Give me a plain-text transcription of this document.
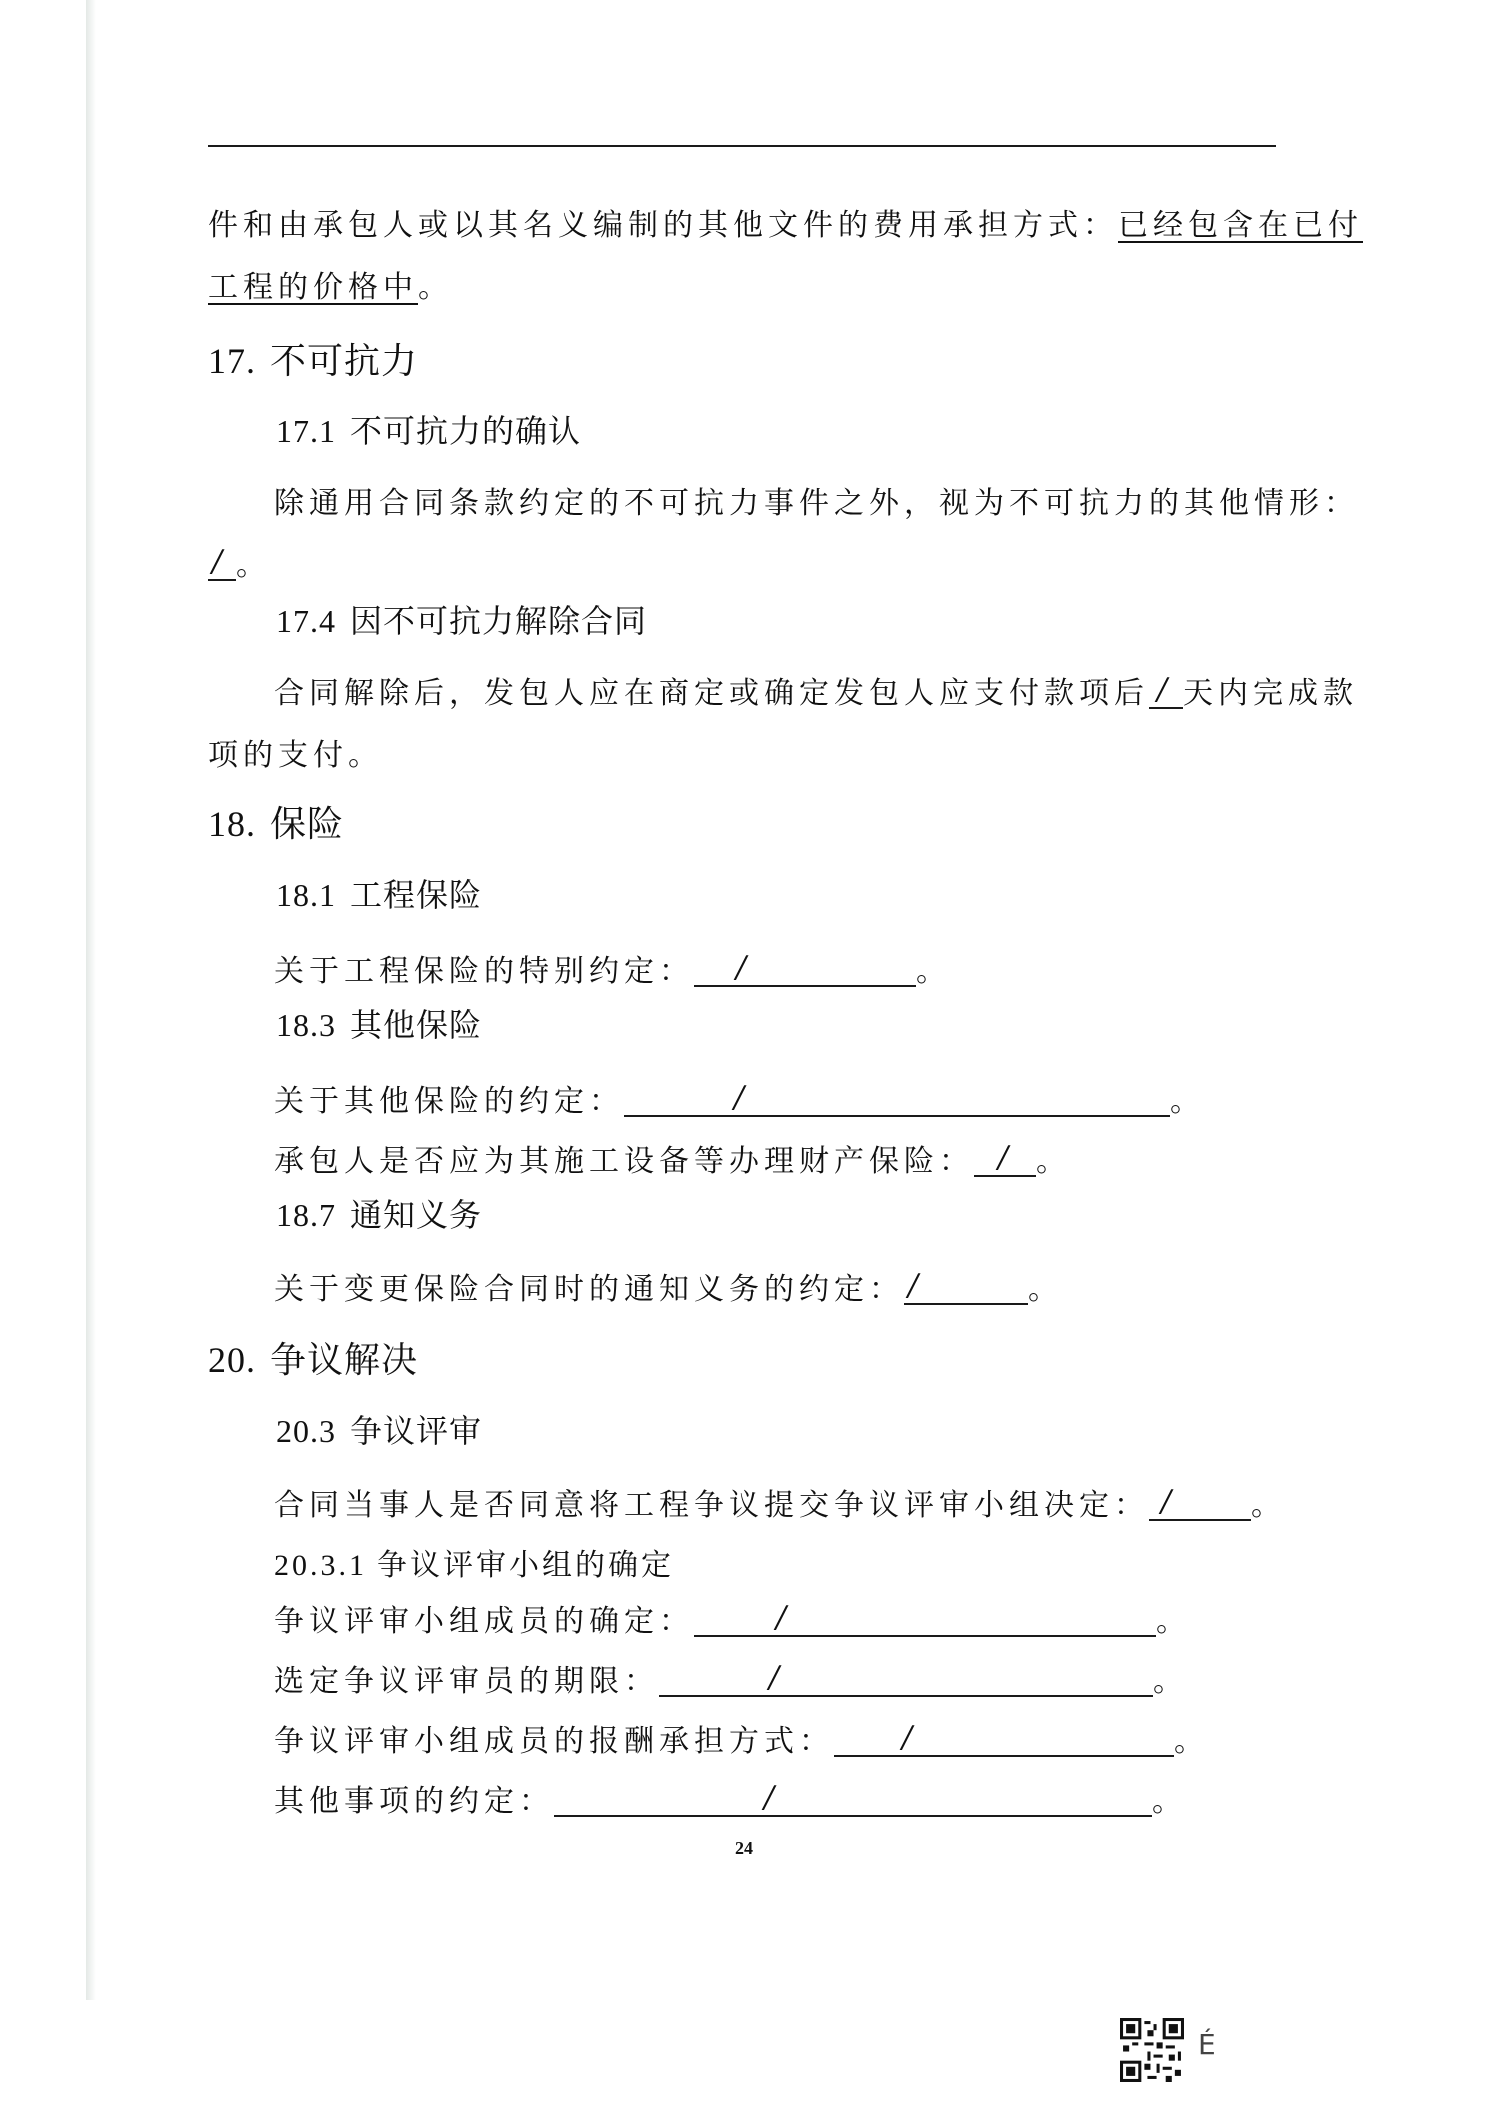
件和由承包人或以其名义编制的其他文件的费用承担方式：已经包含在已付
工程的价格中。
17. 不可抗力
17.1 不可抗力的确认
除通用合同条款约定的不可抗力事件之外，视为不可抗力的其他情形：
/ 。
17.4 因不可抗力解除合同
合同解除后，发包人应在商定或确定发包人应支付款项后 / 天内完成款
项的支付。
18. 保险
18.1 工程保险
关于工程保险的特别约定： /	。
18.3 其他保险
关于其他保险的约定：	/	。
承包人是否应为其施工设备等办理财产保险： / 。
18.7 通知义务
关于变更保险合同时的通知义务的约定： /	。
20. 争议解决
20.3 争议评审
合同当事人是否同意将工程争议提交争议评审小组决定： /	。
20.3.1 争议评审小组的确定
争议评审小组成员的确定：	/	。
选定争议评审员的期限：	/	。
争议评审小组成员的报酬承担方式： /	。
其他事项的约定：	/	。
24
É
